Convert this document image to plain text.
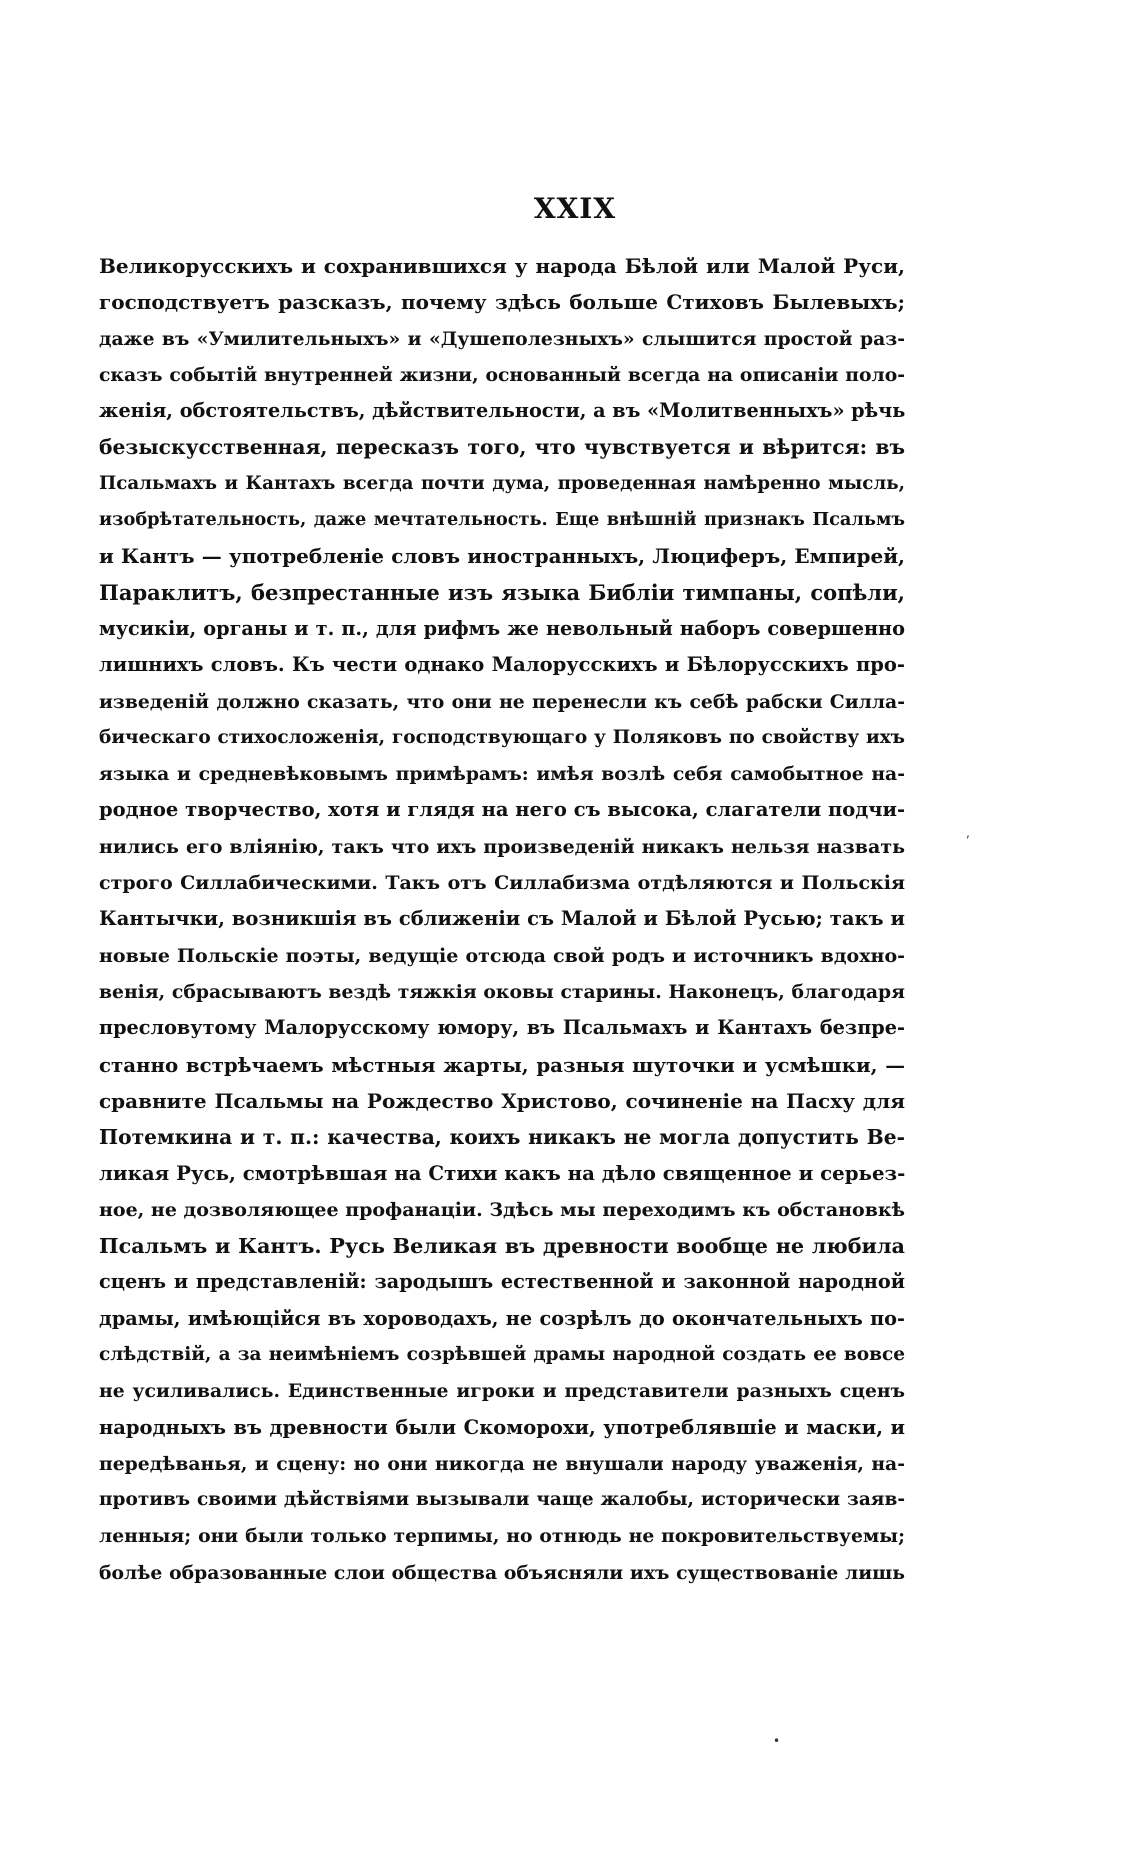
XXIX
Великорусскихъ и сохранившихся у народа Бѣлой или Малой Руси,
господствуетъ разсказъ, почему здѣсь больше Стиховъ Былевыхъ;
даже въ «Умилительныхъ» и «Душеполезныхъ» слышится простой раз-
сказъ событій внутренней жизни, основанный всегда на описаніи поло-
женія, обстоятельствъ, дѣйствительности, а въ «Молитвенныхъ» рѣчь
безыскусственная, пересказъ того, что чувствуется и вѣрится: въ
Псальмахъ и Кантахъ всегда почти дума, проведенная намѣренно мысль,
изобрѣтательность, даже мечтательность. Еще внѣшній признакъ Псальмъ
и Кантъ — употребленіе словъ иностранныхъ, Люциферъ, Емпирей,
Параклитъ, безпрестанные изъ языка Библіи тимпаны, сопѣли,
мусикіи, органы и т. п., для рифмъ же невольный наборъ совершенно
лишнихъ словъ. Къ чести однако Малорусскихъ и Бѣлорусскихъ про-
изведеній должно сказать, что они не перенесли къ себѣ рабски Силла-
бическаго стихосложенія, господствующаго у Поляковъ по свойству ихъ
языка и средневѣковымъ примѣрамъ: имѣя возлѣ себя самобытное на-
родное творчество, хотя и глядя на него съ высока, слагатели подчи-
нились его вліянію, такъ что ихъ произведеній никакъ нельзя назвать
строго Силлабическими. Такъ отъ Силлабизма отдѣляются и Польскія
Кантычки, возникшія въ сближеніи съ Малой и Бѣлой Русью; такъ и
новые Польскіе поэты, ведущіе отсюда свой родъ и источникъ вдохно-
венія, сбрасываютъ вездѣ тяжкія оковы старины. Наконецъ, благодаря
пресловутому Малорусскому юмору, въ Псальмахъ и Кантахъ безпре-
станно встрѣчаемъ мѣстныя жарты, разныя шуточки и усмѣшки, —
сравните Псальмы на Рождество Христово, сочиненіе на Пасху для
Потемкина и т. п.: качества, коихъ никакъ не могла допустить Ве-
ликая Русь, смотрѣвшая на Стихи какъ на дѣло священное и серьез-
ное, не дозволяющее профанаціи. Здѣсь мы переходимъ къ обстановкѣ
Псальмъ и Кантъ. Русь Великая въ древности вообще не любила
сценъ и представленій: зародышъ естественной и законной народной
драмы, имѣющійся въ хороводахъ, не созрѣлъ до окончательныхъ по-
слѣдствій, а за неимѣніемъ созрѣвшей драмы народной создать ее вовсе
не усиливались. Единственные игроки и представители разныхъ сценъ
народныхъ въ древности были Скоморохи, употреблявшіе и маски, и
передѣванья, и сцену: но они никогда не внушали народу уваженія, на-
противъ своими дѣйствіями вызывали чаще жалобы, исторически заяв-
ленныя; они были только терпимы, но отнюдь не покровительствуемы;
болѣе образованные слои общества объясняли ихъ существованіе лишь
,
•
